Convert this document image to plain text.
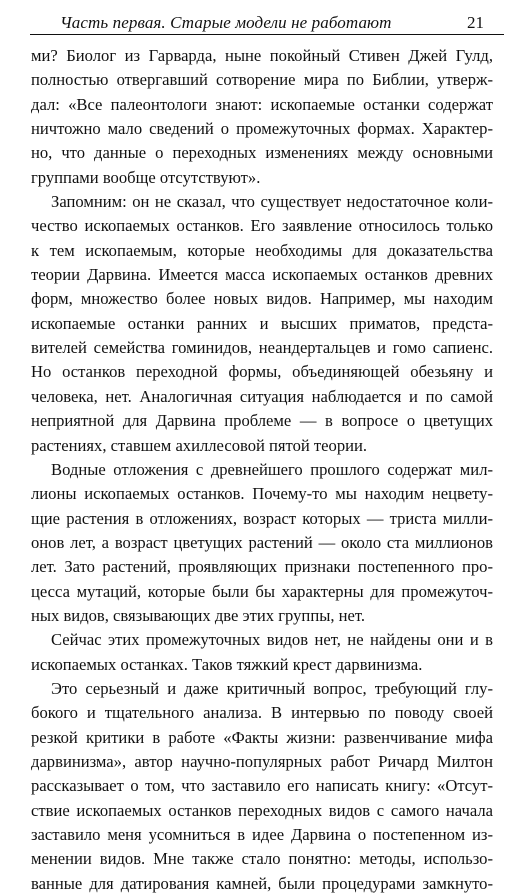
Часть первая. Старые модели не работают	21
ми? Биолог из Гарварда, ныне покойный Стивен Джей Гулд,
полностью отвергавший сотворение мира по Библии, утверж-
дал: «Все палеонтологи знают: ископаемые останки содержат
ничтожно мало сведений о промежуточных формах. Характер-
но, что данные о переходных изменениях между основными
группами вообще отсутствуют».
Запомним: он не сказал, что существует недостаточное коли-
чество ископаемых останков. Его заявление относилось только
к тем ископаемым, которые необходимы для доказательства
теории Дарвина. Имеется масса ископаемых останков древних
форм, множество более новых видов. Например, мы находим
ископаемые останки ранних и высших приматов, предста-
вителей семейства гоминидов, неандертальцев и гомо сапиенс.
Но останков переходной формы, объединяющей обезьяну и
человека, нет. Аналогичная ситуация наблюдается и по самой
неприятной для Дарвина проблеме — в вопросе о цветущих
растениях, ставшем ахиллесовой пятой теории.
Водные отложения с древнейшего прошлого содержат мил-
лионы ископаемых останков. Почему-то мы находим нецвету-
щие растения в отложениях, возраст которых — триста милли-
онов лет, а возраст цветущих растений — около ста миллионов
лет. Зато растений, проявляющих признаки постепенного про-
цесса мутаций, которые были бы характерны для промежуточ-
ных видов, связывающих две этих группы, нет.
Сейчас этих промежуточных видов нет, не найдены они и в
ископаемых останках. Таков тяжкий крест дарвинизма.
Это серьезный и даже критичный вопрос, требующий глу-
бокого и тщательного анализа. В интервью по поводу своей
резкой критики в работе «Факты жизни: развенчивание мифа
дарвинизма», автор научно-популярных работ Ричард Милтон
рассказывает о том, что заставило его написать книгу: «Отсут-
ствие ископаемых останков переходных видов с самого начала
заставило меня усомниться в идее Дарвина о постепенном из-
менении видов. Мне также стало понятно: методы, использо-
ванные для датирования камней, были процедурами замкнуто-
